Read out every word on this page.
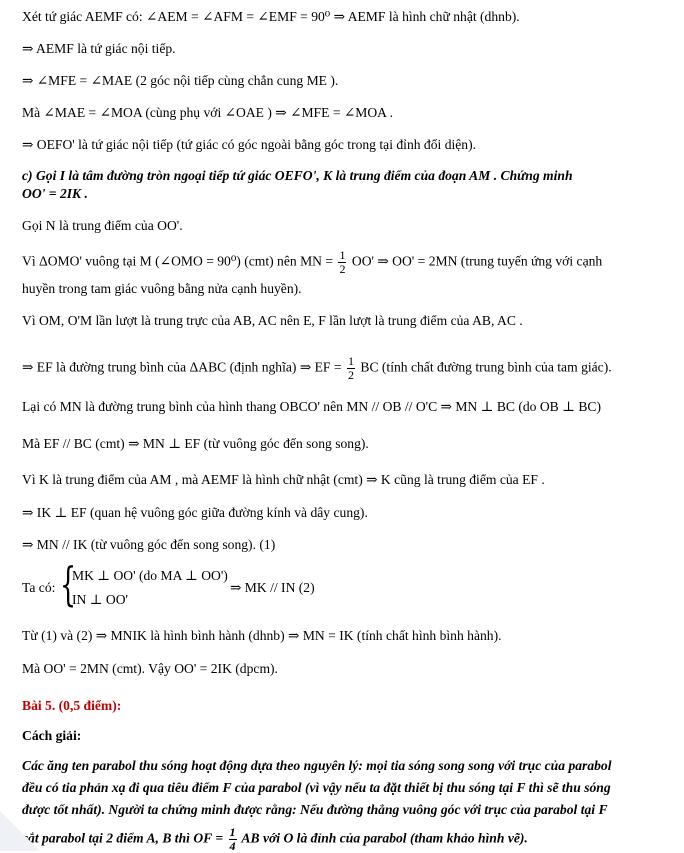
Xét tứ giác AEMF có: ∠AEM = ∠AFM = ∠EMF = 90⁰ ⇒ AEMF là hình chữ nhật (dhnb).
⇒ AEMF là tứ giác nội tiếp.
⇒ ∠MFE = ∠MAE (2 góc nội tiếp cùng chắn cung ME ).
Mà ∠MAE = ∠MOA (cùng phụ với ∠OAE ) ⇒ ∠MFE = ∠MOA .
⇒ OEFO' là tứ giác nội tiếp (tứ giác có góc ngoài bằng góc trong tại đỉnh đối diện).
c) Gọi I là tâm đường tròn ngoại tiếp tứ giác OEFO', K là trung điểm của đoạn AM . Chứng minh
OO' = 2IK .
Gọi N là trung điểm của OO'.
Vì ΔOMO' vuông tại M (∠OMO = 90⁰) (cmt) nên MN = $\frac{1}{2} OO'$ ⇒ OO' = 2MN (trung tuyến ứng với cạnh
huyền trong tam giác vuông bằng nửa cạnh huyền).
Vì OM, O'M lần lượt là trung trực của AB, AC nên E, F lần lượt là trung điểm của AB, AC .
⇒ EF là đường trung bình của ΔABC (định nghĩa) ⇒ EF = $\frac{1}{2}$ BC (tính chất đường trung bình của tam giác).
Lại có MN là đường trung bình của hình thang OBCO' nên MN // OB // O'C ⇒ MN ⊥ BC (do OB ⊥ BC)
Mà EF // BC (cmt) ⇒ MN ⊥ EF (từ vuông góc đến song song).
Vì K là trung điểm của AM , mà AEMF là hình chữ nhật (cmt) ⇒ K cũng là trung điểm của EF .
⇒ IK ⊥ EF (quan hệ vuông góc giữa đường kính và dây cung).
⇒ MN // IK (từ vuông góc đến song song). (1)
Ta có: {
MK ⊥ OO' (do MA ⊥ OO')
IN ⊥ OO'
⇒ MK // IN (2)
Từ (1) và (2) ⇒ MNIK là hình bình hành (dhnb) ⇒ MN = IK (tính chất hình bình hành).
Mà OO' = 2MN (cmt). Vậy OO' = 2IK (dpcm).
Bài 5. (0,5 điểm):
Cách giải:
Các ăng ten parabol thu sóng hoạt động dựa theo nguyên lý: mọi tia sóng song song với trục của parabol
đều có tia phản xạ đi qua tiêu điểm F của parabol (vì vậy nếu ta đặt thiết bị thu sóng tại F thì sẽ thu sóng
được tốt nhất). Người ta chứng minh được rằng: Nếu đường thẳng vuông góc với trục của parabol tại F
cắt parabol tại 2 điểm A, B thì OF = $\frac{1}{4}$ AB với O là đỉnh của parabol (tham khảo hình vẽ).
